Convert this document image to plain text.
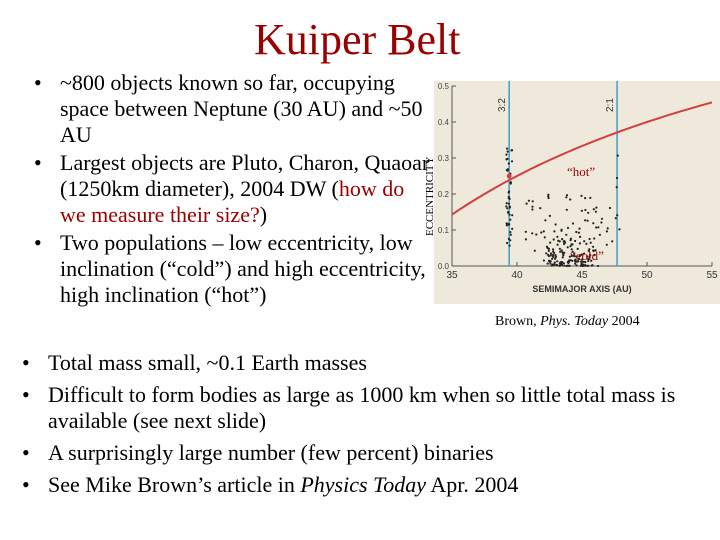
Kuiper Belt
• ~800 objects known so far, occupying space between Neptune (30 AU) and ~50 AU
• Largest objects are Pluto, Charon, Quaoar (1250km diameter), 2004 DW (how do we measure their size?)
• Two populations – low eccentricity, low inclination (“cold”) and high eccentricity, high inclination (“hot”)
0.0
0.1
0.2
0.3
0.4
0.5
35	40	45	50	55
3:2	2:1
SEMIMAJOR AXIS (AU)
ECCENTRICITY	“hot”
“cold”
Brown, Phys. Today 2004
• Total mass small, ~0.1 Earth masses
• Difficult to form bodies as large as 1000 km when so little total mass is available (see next slide)
• A surprisingly large number (few percent) binaries
• See Mike Brown’s article in Physics Today Apr. 2004
